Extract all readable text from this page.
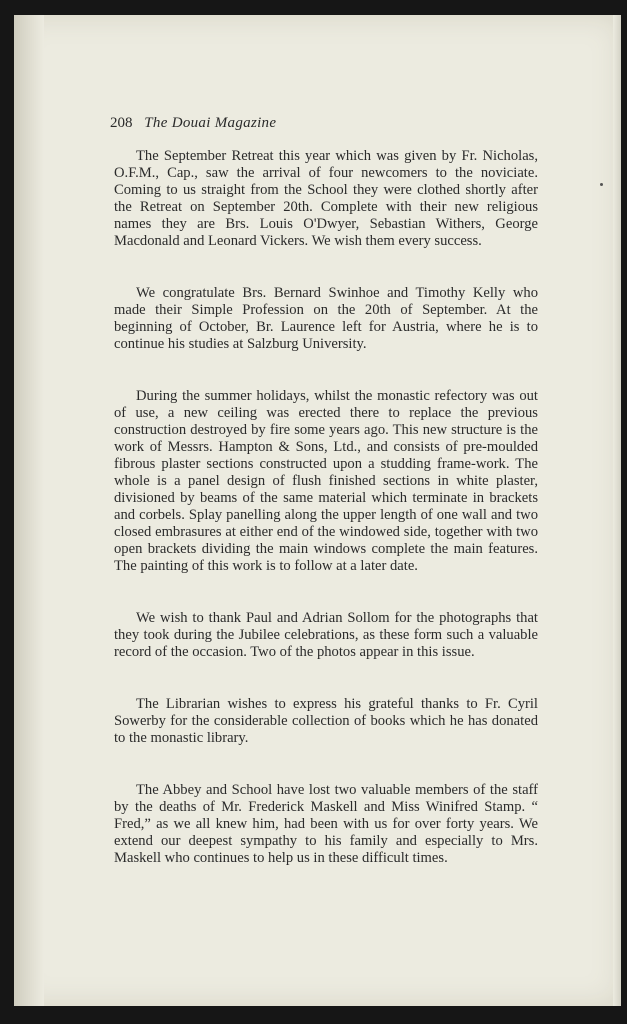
208 The Douai Magazine

The September Retreat this year which was given by Fr. Nicholas, O.F.M., Cap., saw the arrival of four newcomers to the noviciate. Coming to us straight from the School they were clothed shortly after the Retreat on September 20th. Complete with their new religious names they are Brs. Louis O'Dwyer, Sebastian Withers, George Macdonald and Leonard Vickers. We wish them every success.

We congratulate Brs. Bernard Swinhoe and Timothy Kelly who made their Simple Profession on the 20th of September. At the beginning of October, Br. Laurence left for Austria, where he is to continue his studies at Salzburg University.

During the summer holidays, whilst the monastic refectory was out of use, a new ceiling was erected there to replace the previous construction destroyed by fire some years ago. This new structure is the work of Messrs. Hampton & Sons, Ltd., and consists of pre-moulded fibrous plaster sections constructed upon a studding frame-work. The whole is a panel design of flush finished sections in white plaster, divisioned by beams of the same material which terminate in brackets and corbels. Splay panelling along the upper length of one wall and two closed embrasures at either end of the windowed side, together with two open brackets dividing the main windows complete the main features. The painting of this work is to follow at a later date.

We wish to thank Paul and Adrian Sollom for the photographs that they took during the Jubilee celebrations, as these form such a valuable record of the occasion. Two of the photos appear in this issue.

The Librarian wishes to express his grateful thanks to Fr. Cyril Sowerby for the considerable collection of books which he has donated to the monastic library.

The Abbey and School have lost two valuable members of the staff by the deaths of Mr. Frederick Maskell and Miss Winifred Stamp. “ Fred,” as we all knew him, had been with us for over forty years. We extend our deepest sympathy to his family and especially to Mrs. Maskell who continues to help us in these difficult times.
